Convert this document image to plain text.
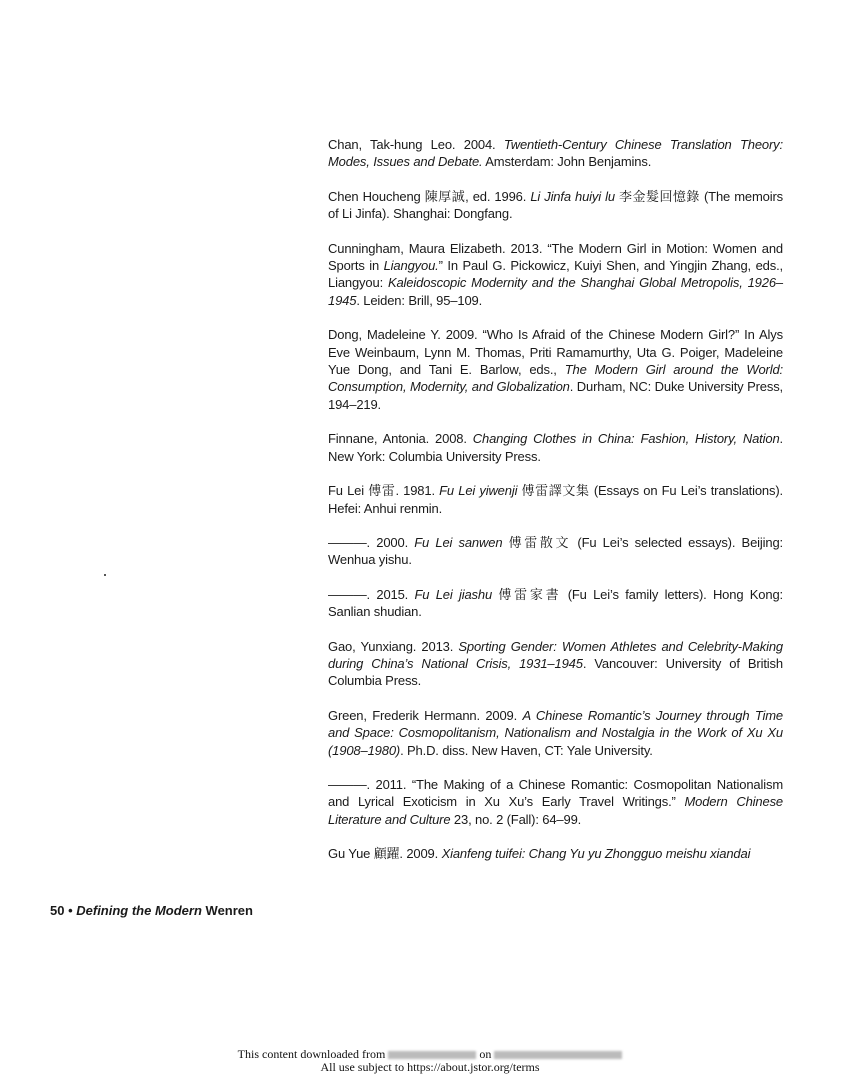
Chan, Tak-hung Leo. 2004. Twentieth-Century Chinese Translation Theory: Modes, Issues and Debate. Amsterdam: John Benjamins.
Chen Houcheng 陳厚誠, ed. 1996. Li Jinfa huiyi lu 李金髮回憶錄 (The memoirs of Li Jinfa). Shanghai: Dongfang.
Cunningham, Maura Elizabeth. 2013. “The Modern Girl in Motion: Women and Sports in Liangyou.” In Paul G. Pickowicz, Kuiyi Shen, and Yingjin Zhang, eds., Liangyou: Kaleidoscopic Modernity and the Shanghai Global Metropolis, 1926–1945. Leiden: Brill, 95–109.
Dong, Madeleine Y. 2009. “Who Is Afraid of the Chinese Modern Girl?” In Alys Eve Weinbaum, Lynn M. Thomas, Priti Ramamurthy, Uta G. Poiger, Madeleine Yue Dong, and Tani E. Barlow, eds., The Modern Girl around the World: Consumption, Modernity, and Globalization. Durham, NC: Duke University Press, 194–219.
Finnane, Antonia. 2008. Changing Clothes in China: Fashion, History, Nation. New York: Columbia University Press.
Fu Lei 傅雷. 1981. Fu Lei yiwenji 傅雷譯文集 (Essays on Fu Lei’s translations). Hefei: Anhui renmin.
———. 2000. Fu Lei sanwen 傅雷散文 (Fu Lei’s selected essays). Beijing: Wenhua yishu.
———. 2015. Fu Lei jiashu 傅雷家書 (Fu Lei’s family letters). Hong Kong: Sanlian shudian.
Gao, Yunxiang. 2013. Sporting Gender: Women Athletes and Celebrity-Making during China’s National Crisis, 1931–1945. Vancouver: University of British Columbia Press.
Green, Frederik Hermann. 2009. A Chinese Romantic’s Journey through Time and Space: Cosmopolitanism, Nationalism and Nostalgia in the Work of Xu Xu (1908–1980). Ph.D. diss. New Haven, CT: Yale University.
———. 2011. “The Making of a Chinese Romantic: Cosmopolitan Nationalism and Lyrical Exoticism in Xu Xu’s Early Travel Writings.” Modern Chinese Literature and Culture 23, no. 2 (Fall): 64–99.
Gu Yue 顧躍. 2009. Xianfeng tuifei: Chang Yu yu Zhongguo meishu xiandai
50 • Defining the Modern Wenren
This content downloaded from	on
All use subject to https://about.jstor.org/terms
